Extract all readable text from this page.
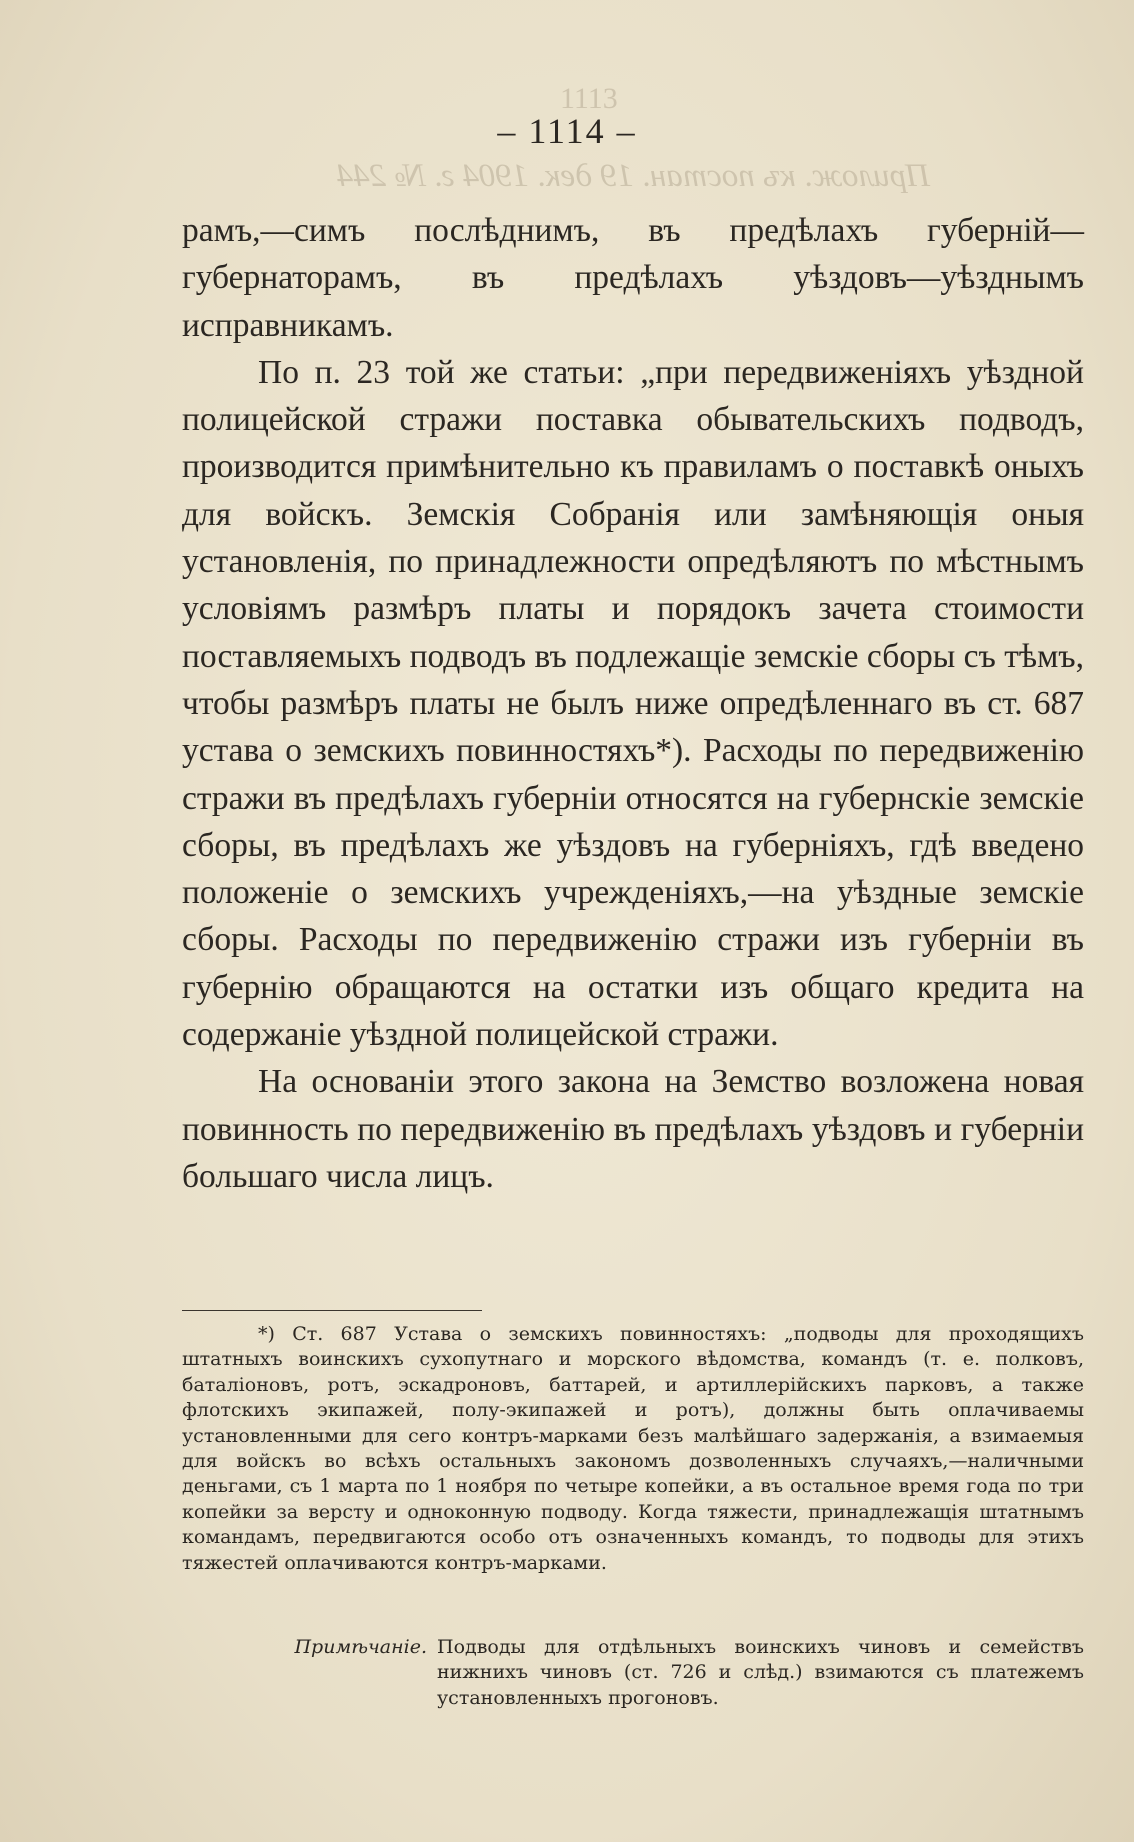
1113
Прилож. къ постан. 19 дек. 1904 г. № 244
– 1114 –

рамъ,—симъ послѣднимъ, въ предѣлахъ губерній—губернаторамъ, въ предѣлахъ уѣздовъ—уѣзднымъ исправникамъ.

По п. 23 той же статьи: „при передвиженіяхъ уѣздной полицейской стражи поставка обывательскихъ подводъ, производится примѣнительно къ правиламъ о поставкѣ оныхъ для войскъ. Земскія Собранія или замѣняющія оныя установленія, по принадлежности опредѣляютъ по мѣстнымъ условіямъ размѣръ платы и порядокъ зачета стоимости поставляемыхъ подводъ въ подлежащіе земскіе сборы съ тѣмъ, чтобы размѣръ платы не былъ ниже опредѣленнаго въ ст. 687 устава о земскихъ повинностяхъ*). Расходы по передвиженію стражи въ предѣлахъ губерніи относятся на губернскіе земскіе сборы, въ предѣлахъ же уѣздовъ на губерніяхъ, гдѣ введено положеніе о земскихъ учрежденіяхъ,—на уѣздные земскіе сборы. Расходы по передвиженію стражи изъ губерніи въ губернію обращаются на остатки изъ общаго кредита на содержаніе уѣздной полицейской стражи.

На основаніи этого закона на Земство возложена новая повинность по передвиженію въ предѣлахъ уѣздовъ и губерніи большаго числа лицъ.

*) Ст. 687 Устава о земскихъ повинностяхъ: „подводы для проходящихъ штатныхъ воинскихъ сухопутнаго и морского вѣдомства, командъ (т. е. полковъ, баталіоновъ, ротъ, эскадроновъ, баттарей, и артиллерійскихъ парковъ, а также флотскихъ экипажей, полу-экипажей и ротъ), должны быть оплачиваемы установленными для сего контръ-марками безъ малѣйшаго задержанія, а взимаемыя для войскъ во всѣхъ остальныхъ закономъ дозволенныхъ случаяхъ,—наличными деньгами, съ 1 марта по 1 ноября по четыре копейки, а въ остальное время года по три копейки за версту и одноконную подводу. Когда тяжести, принадлежащія штатнымъ командамъ, передвигаются особо отъ означенныхъ командъ, то подводы для этихъ тяжестей оплачиваются контръ-марками.

Примѣчаніе. Подводы для отдѣльныхъ воинскихъ чиновъ и семействъ нижнихъ чиновъ (ст. 726 и слѣд.) взимаются съ платежемъ установленныхъ прогоновъ.
